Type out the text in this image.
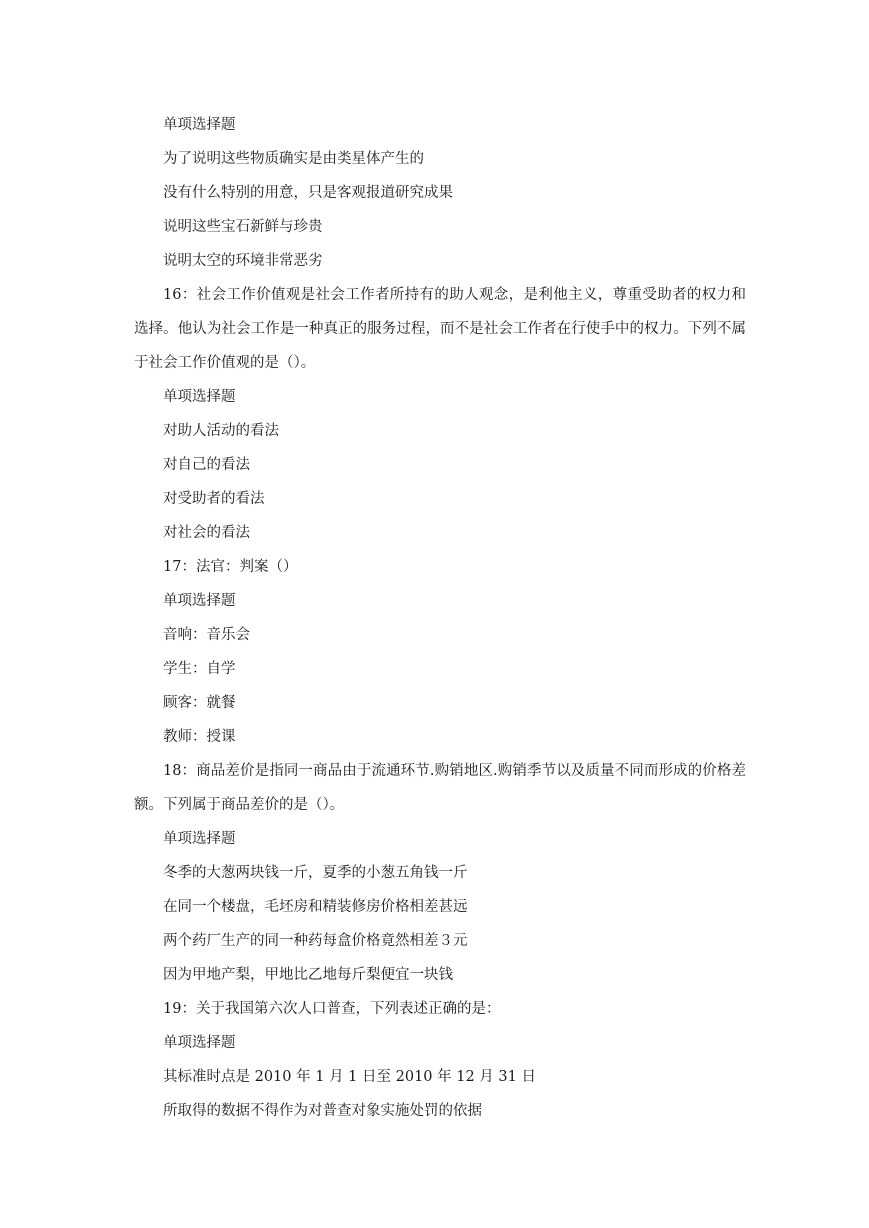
单项选择题

为了说明这些物质确实是由类星体产生的

没有什么特别的用意，只是客观报道研究成果

说明这些宝石新鲜与珍贵

说明太空的环境非常恶劣

16：社会工作价值观是社会工作者所持有的助人观念，是利他主义，尊重受助者的权力和选择。他认为社会工作是一种真正的服务过程，而不是社会工作者在行使手中的权力。下列不属于社会工作价值观的是（）。

单项选择题

对助人活动的看法

对自己的看法

对受助者的看法

对社会的看法

17：法官：判案（）

单项选择题

音响：音乐会

学生：自学

顾客：就餐

教师：授课

18：商品差价是指同一商品由于流通环节.购销地区.购销季节以及质量不同而形成的价格差额。下列属于商品差价的是（）。

单项选择题

冬季的大葱两块钱一斤，夏季的小葱五角钱一斤

在同一个楼盘，毛坯房和精装修房价格相差甚远

两个药厂生产的同一种药每盒价格竟然相差３元

因为甲地产梨，甲地比乙地每斤梨便宜一块钱

19：关于我国第六次人口普查，下列表述正确的是：

单项选择题

其标准时点是 2010 年 1 月 1 日至 2010 年 12 月 31 日

所取得的数据不得作为对普查对象实施处罚的依据
